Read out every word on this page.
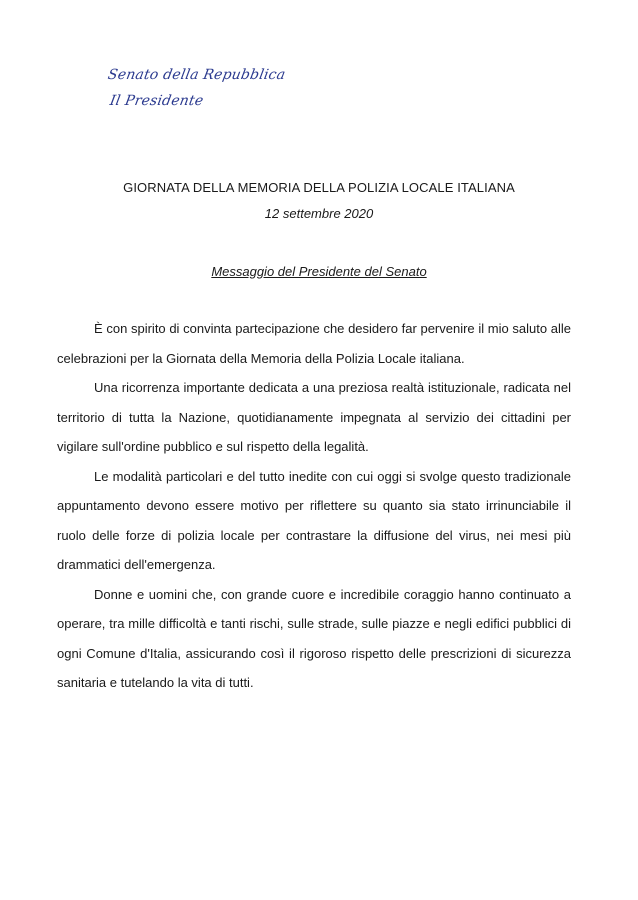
Senato della Repubblica
Il Presidente
GIORNATA DELLA MEMORIA DELLA POLIZIA LOCALE ITALIANA

12 settembre 2020

Messaggio del Presidente del Senato

È con spirito di convinta partecipazione che desidero far pervenire il mio saluto alle celebrazioni per la Giornata della Memoria della Polizia Locale italiana.

Una ricorrenza importante dedicata a una preziosa realtà istituzionale, radicata nel territorio di tutta la Nazione, quotidianamente impegnata al servizio dei cittadini per vigilare sull'ordine pubblico e sul rispetto della legalità.

Le modalità particolari e del tutto inedite con cui oggi si svolge questo tradizionale appuntamento devono essere motivo per riflettere su quanto sia stato irrinunciabile il ruolo delle forze di polizia locale per contrastare la diffusione del virus, nei mesi più drammatici dell'emergenza.

Donne e uomini che, con grande cuore e incredibile coraggio hanno continuato a operare, tra mille difficoltà e tanti rischi, sulle strade, sulle piazze e negli edifici pubblici di ogni Comune d'Italia, assicurando così il rigoroso rispetto delle prescrizioni di sicurezza sanitaria e tutelando la vita di tutti.
